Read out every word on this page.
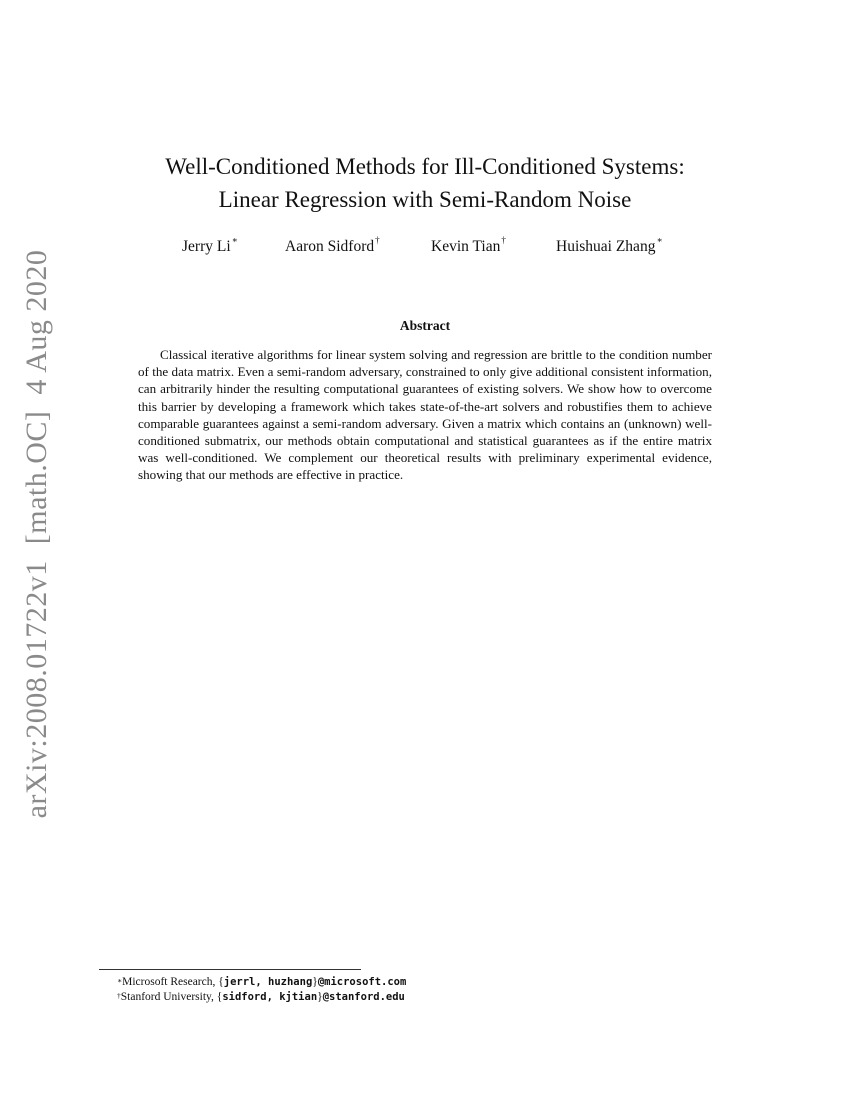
arXiv:2008.01722v1  [math.OC]  4 Aug 2020
Well-Conditioned Methods for Ill-Conditioned Systems:
Linear Regression with Semi-Random Noise
Jerry Li∗	Aaron Sidford†	Kevin Tian†	Huishuai Zhang∗
Abstract
Classical iterative algorithms for linear system solving and regression are brittle to the condition number of the data matrix. Even a semi-random adversary, constrained to only give additional consistent information, can arbitrarily hinder the resulting computational guarantees of existing solvers. We show how to overcome this barrier by developing a framework which takes state-of-the-art solvers and robustifies them to achieve comparable guarantees against a semi-random adversary. Given a matrix which contains an (unknown) well-conditioned submatrix, our methods obtain computational and statistical guarantees as if the entire matrix was well-conditioned. We complement our theoretical results with preliminary experimental evidence, showing that our methods are effective in practice.
∗Microsoft Research, {jerrl, huzhang}@microsoft.com
†Stanford University, {sidford, kjtian}@stanford.edu
